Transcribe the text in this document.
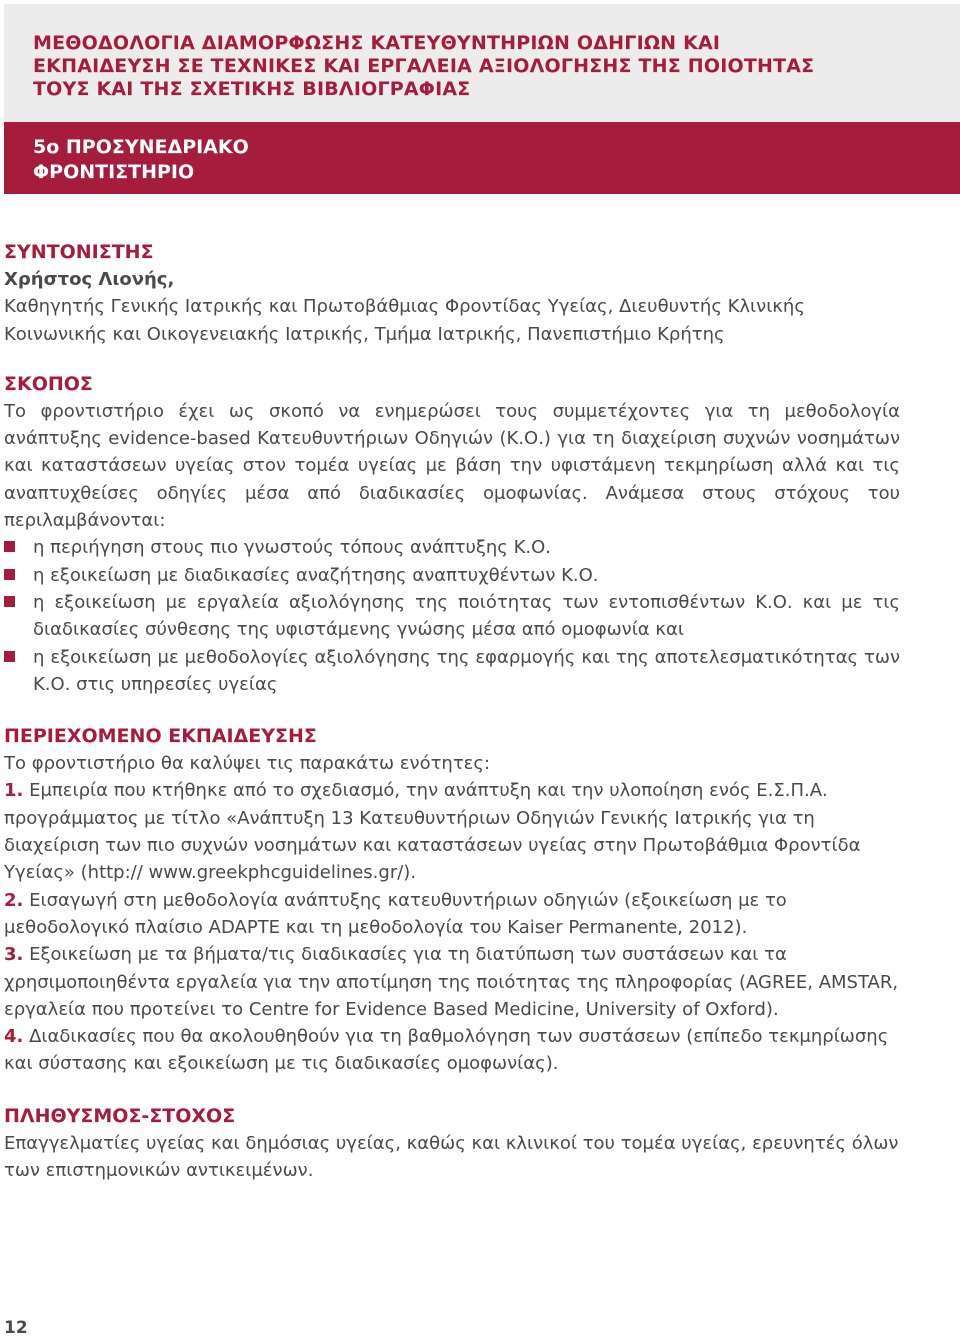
ΜΕΘΟΔΟΛΟΓΙΑ ΔΙΑΜΟΡΦΩΣΗΣ ΚΑΤΕΥΘΥΝΤΗΡΙΩΝ ΟΔΗΓΙΩΝ ΚΑΙ
ΕΚΠΑΙΔΕΥΣΗ ΣΕ ΤΕΧΝΙΚΕΣ ΚΑΙ ΕΡΓΑΛΕΙΑ ΑΞΙΟΛΟΓΗΣΗΣ ΤΗΣ ΠΟΙΟΤΗΤΑΣ
ΤΟΥΣ ΚΑΙ ΤΗΣ ΣΧΕΤΙΚΗΣ ΒΙΒΛΙΟΓΡΑΦΙΑΣ
5ο ΠΡΟΣΥΝΕΔΡΙΑΚΟ
ΦΡΟΝΤΙΣΤΗΡΙΟ
ΣΥΝΤΟΝΙΣΤΗΣ

Χρήστος Λιονής,

Καθηγητής Γενικής Ιατρικής και Πρωτοβάθμιας Φροντίδας Υγείας, Διευθυντής Κλινικής Κοινωνικής και Οικογενειακής Ιατρικής, Τμήμα Ιατρικής, Πανεπιστήμιο Κρήτης

ΣΚΟΠΟΣ

Το φροντιστήριο έχει ως σκοπό να ενημερώσει τους συμμετέχοντες για τη μεθοδολογία ανάπτυξης evidence-based Κατευθυντήριων Οδηγιών (Κ.Ο.) για τη διαχείριση συχνών νοσημάτων και καταστάσεων υγείας στον τομέα υγείας με βάση την υφιστάμενη τεκμηρίωση αλλά και τις αναπτυχθείσες οδηγίες μέσα από διαδικασίες ομοφωνίας. Ανάμεσα στους στόχους του περιλαμβάνονται:

η περιήγηση στους πιο γνωστούς τόπους ανάπτυξης Κ.Ο.
η εξοικείωση με διαδικασίες αναζήτησης αναπτυχθέντων Κ.Ο.
η εξοικείωση με εργαλεία αξιολόγησης της ποιότητας των εντοπισθέντων Κ.Ο. και με τις διαδικασίες σύνθεσης της υφιστάμενης γνώσης μέσα από ομοφωνία και
η εξοικείωση με μεθοδολογίες αξιολόγησης της εφαρμογής και της αποτελεσματικότητας των Κ.Ο. στις υπηρεσίες υγείας
ΠΕΡΙΕΧΟΜΕΝΟ ΕΚΠΑΙΔΕΥΣΗΣ

Το φροντιστήριο θα καλύψει τις παρακάτω ενότητες:

1. Εμπειρία που κτήθηκε από το σχεδιασμό, την ανάπτυξη και την υλοποίηση ενός Ε.Σ.Π.Α. προγράμματος με τίτλο «Ανάπτυξη 13 Κατευθυντήριων Οδηγιών Γενικής Ιατρικής για τη διαχείριση των πιο συχνών νοσημάτων και καταστάσεων υγείας στην Πρωτοβάθμια Φροντίδα Υγείας» (http:// www.greekphcguidelines.gr/).

2. Εισαγωγή στη μεθοδολογία ανάπτυξης κατευθυντήριων οδηγιών (εξοικείωση με το μεθοδολογικό πλαίσιο ADAPTE και τη μεθοδολογία του Kaiser Permanente, 2012).

3. Εξοικείωση με τα βήματα/τις διαδικασίες για τη διατύπωση των συστάσεων και τα χρησιμοποιηθέντα εργαλεία για την αποτίμηση της ποιότητας της πληροφορίας (AGREE, AMSTAR, εργαλεία που προτείνει το Centre for Evidence Based Medicine, University of Oxford).

4. Διαδικασίες που θα ακολουθηθούν για τη βαθμολόγηση των συστάσεων (επίπεδο τεκμηρίωσης και σύστασης και εξοικείωση με τις διαδικασίες ομοφωνίας).

ΠΛΗΘΥΣΜΟΣ-ΣΤΟΧΟΣ

Επαγγελματίες υγείας και δημόσιας υγείας, καθώς και κλινικοί του τομέα υγείας, ερευνητές όλων των επιστημονικών αντικειμένων.

12
